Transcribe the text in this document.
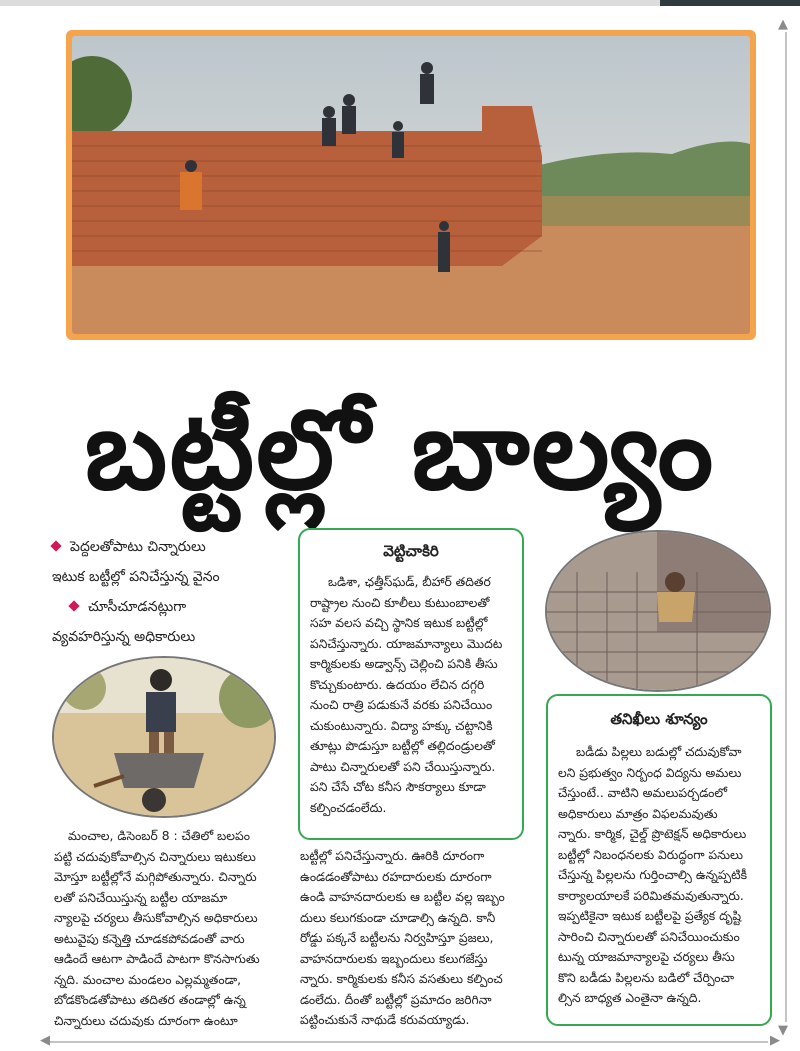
బట్టీల్లో బాల్యం
పెద్దలతోపాటు చిన్నారులు
ఇటుక బట్టీల్లో పనిచేస్తున్న వైనం
చూసీచూడనట్లుగా
వ్యవహరిస్తున్న అధికారులు
వెట్టిచాకిరి
ఒడిశా, ఛత్తీస్‌ఘడ్, బీహార్ తదితర
రాష్ట్రాల నుంచి కూలీలు కుటుంబాలతో
సహ వలస వచ్చి స్థానిక ఇటుక బట్టీల్లో
పనిచేస్తున్నారు. యాజమాన్యాలు మొదట
కార్మికులకు అడ్వాన్స్ చెల్లించి పనికి తీసు
కొచ్చుకుంటారు. ఉదయం లేచిన దగ్గరి
నుంచి రాత్రి పడుకునే వరకు పనిచేయిం
చుకుంటున్నారు. విద్యా హక్కు చట్టానికి
తూట్లు పొడుస్తూ బట్టీల్లో తల్లిదండ్రులతో
పాటు చిన్నారులతో పని చేయిస్తున్నారు.
పని చేసే చోట కనీస సౌకర్యాలు కూడా
కల్పించడంలేదు.
తనిఖీలు శూన్యం
బడీడు పిల్లలు బడుల్లో చదువుకోవా
లని ప్రభుత్వం నిర్బంధ విద్యను అమలు
చేస్తుంటే.. వాటిని అమలుపర్చడంలో
అధికారులు మాత్రం విఫలమవుతు
న్నారు. కార్మిక, చైల్డ్ ప్రొటెక్షన్ అధికారులు
బట్టీల్లో నిబంధనలకు విరుద్ధంగా పనులు
చేస్తున్న పిల్లలను గుర్తించాల్సి ఉన్నప్పటికీ
కార్యాలయాలకే పరిమితమవుతున్నారు.
ఇప్పటికైనా ఇటుక బట్టీలపై ప్రత్యేక దృష్టి
సారించి చిన్నారులతో పనిచేయించుకుం
టున్న యాజమాన్యాలపై చర్యలు తీసు
కొని బడీడు పిల్లలను బడిలో చేర్పించా
ల్సిన బాధ్యత ఎంతైనా ఉన్నది.
మంచాల, డిసెంబర్ 8 : చేతిలో బలపం
పట్టి చదువుకోవాల్సిన చిన్నారులు ఇటుకలు
మోస్తూ బట్టీల్లోనే మగ్గిపోతున్నారు. చిన్నారు
లతో పనిచేయిస్తున్న బట్టీల యాజమా
న్యాలపై చర్యలు తీసుకోవాల్సిన అధికారులు
అటువైపు కన్నెత్తి చూడకపోవడంతో వారు
ఆడిందే ఆటగా పాడిందే పాటగా కొనసాగుతు
న్నది. మంచాల మండలం ఎల్లమ్మతండా,
బోడకొండతోపాటు తదితర తండాల్లో ఉన్న
చిన్నారులు చదువుకు దూరంగా ఉంటూ
బట్టీల్లో పనిచేస్తున్నారు. ఊరికి దూరంగా
ఉండడంతోపాటు రహదారులకు దూరంగా
ఉండి వాహనదారులకు ఆ బట్టీల వల్ల ఇబ్బం
దులు కలుగకుండా చూడాల్సి ఉన్నది. కానీ
రోడ్డు పక్కనే బట్టీలను నిర్వహిస్తూ ప్రజలు,
వాహనదారులకు ఇబ్బందులు కలుగజేస్తు
న్నారు. కార్మికులకు కనీస వసతులు కల్పించ
డంలేదు. దీంతో బట్టీల్లో ప్రమాదం జరిగినా
పట్టించుకునే నాథుడే కరువయ్యాడు.
▲
▼
◀	▶
